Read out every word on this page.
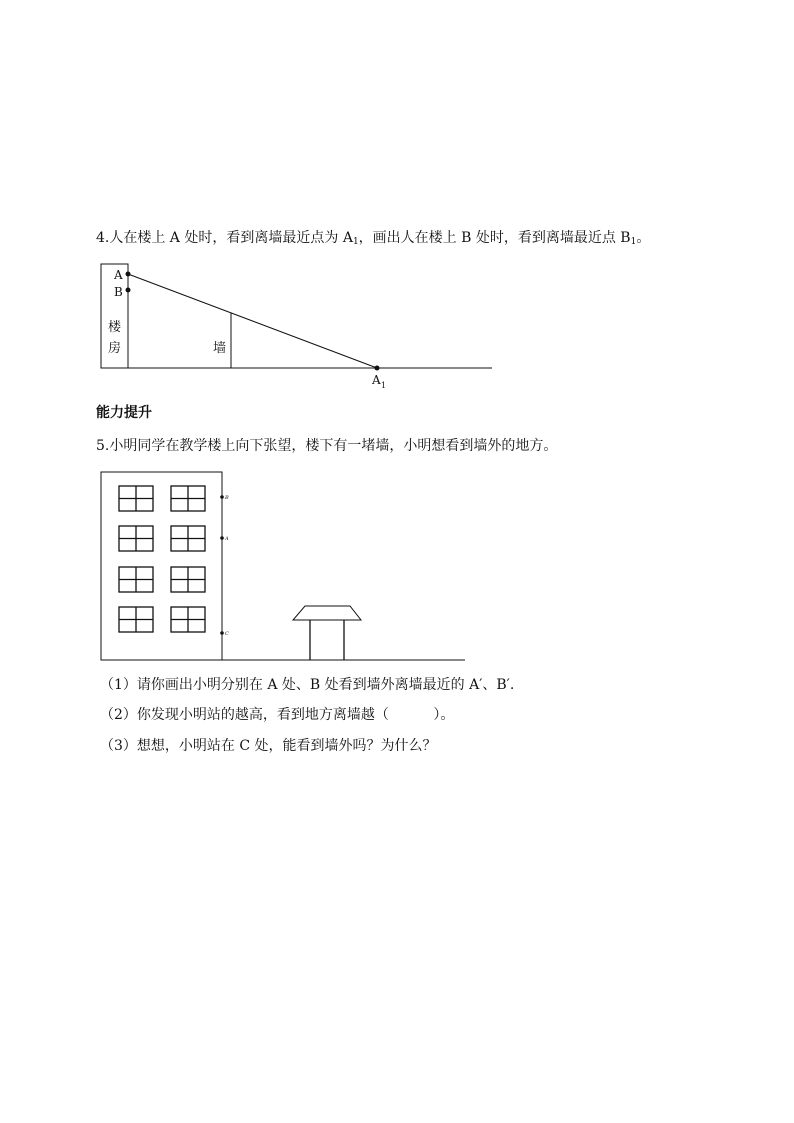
4.人在楼上 A 处时，看到离墙最近点为 $A_1$，画出人在楼上 B 处时，看到离墙最近点 $B_1$。
A
B
楼
房	墙
A 1
能力提升
5.小明同学在教学楼上向下张望，楼下有一堵墙，小明想看到墙外的地方。
B
A
C
（1）请你画出小明分别在 A 处、B 处看到墙外离墙最近的 A′、B′.
（2）你发现小明站的越高，看到地方离墙越（          ）。
（3）想想，小明站在 C 处，能看到墙外吗？为什么？
